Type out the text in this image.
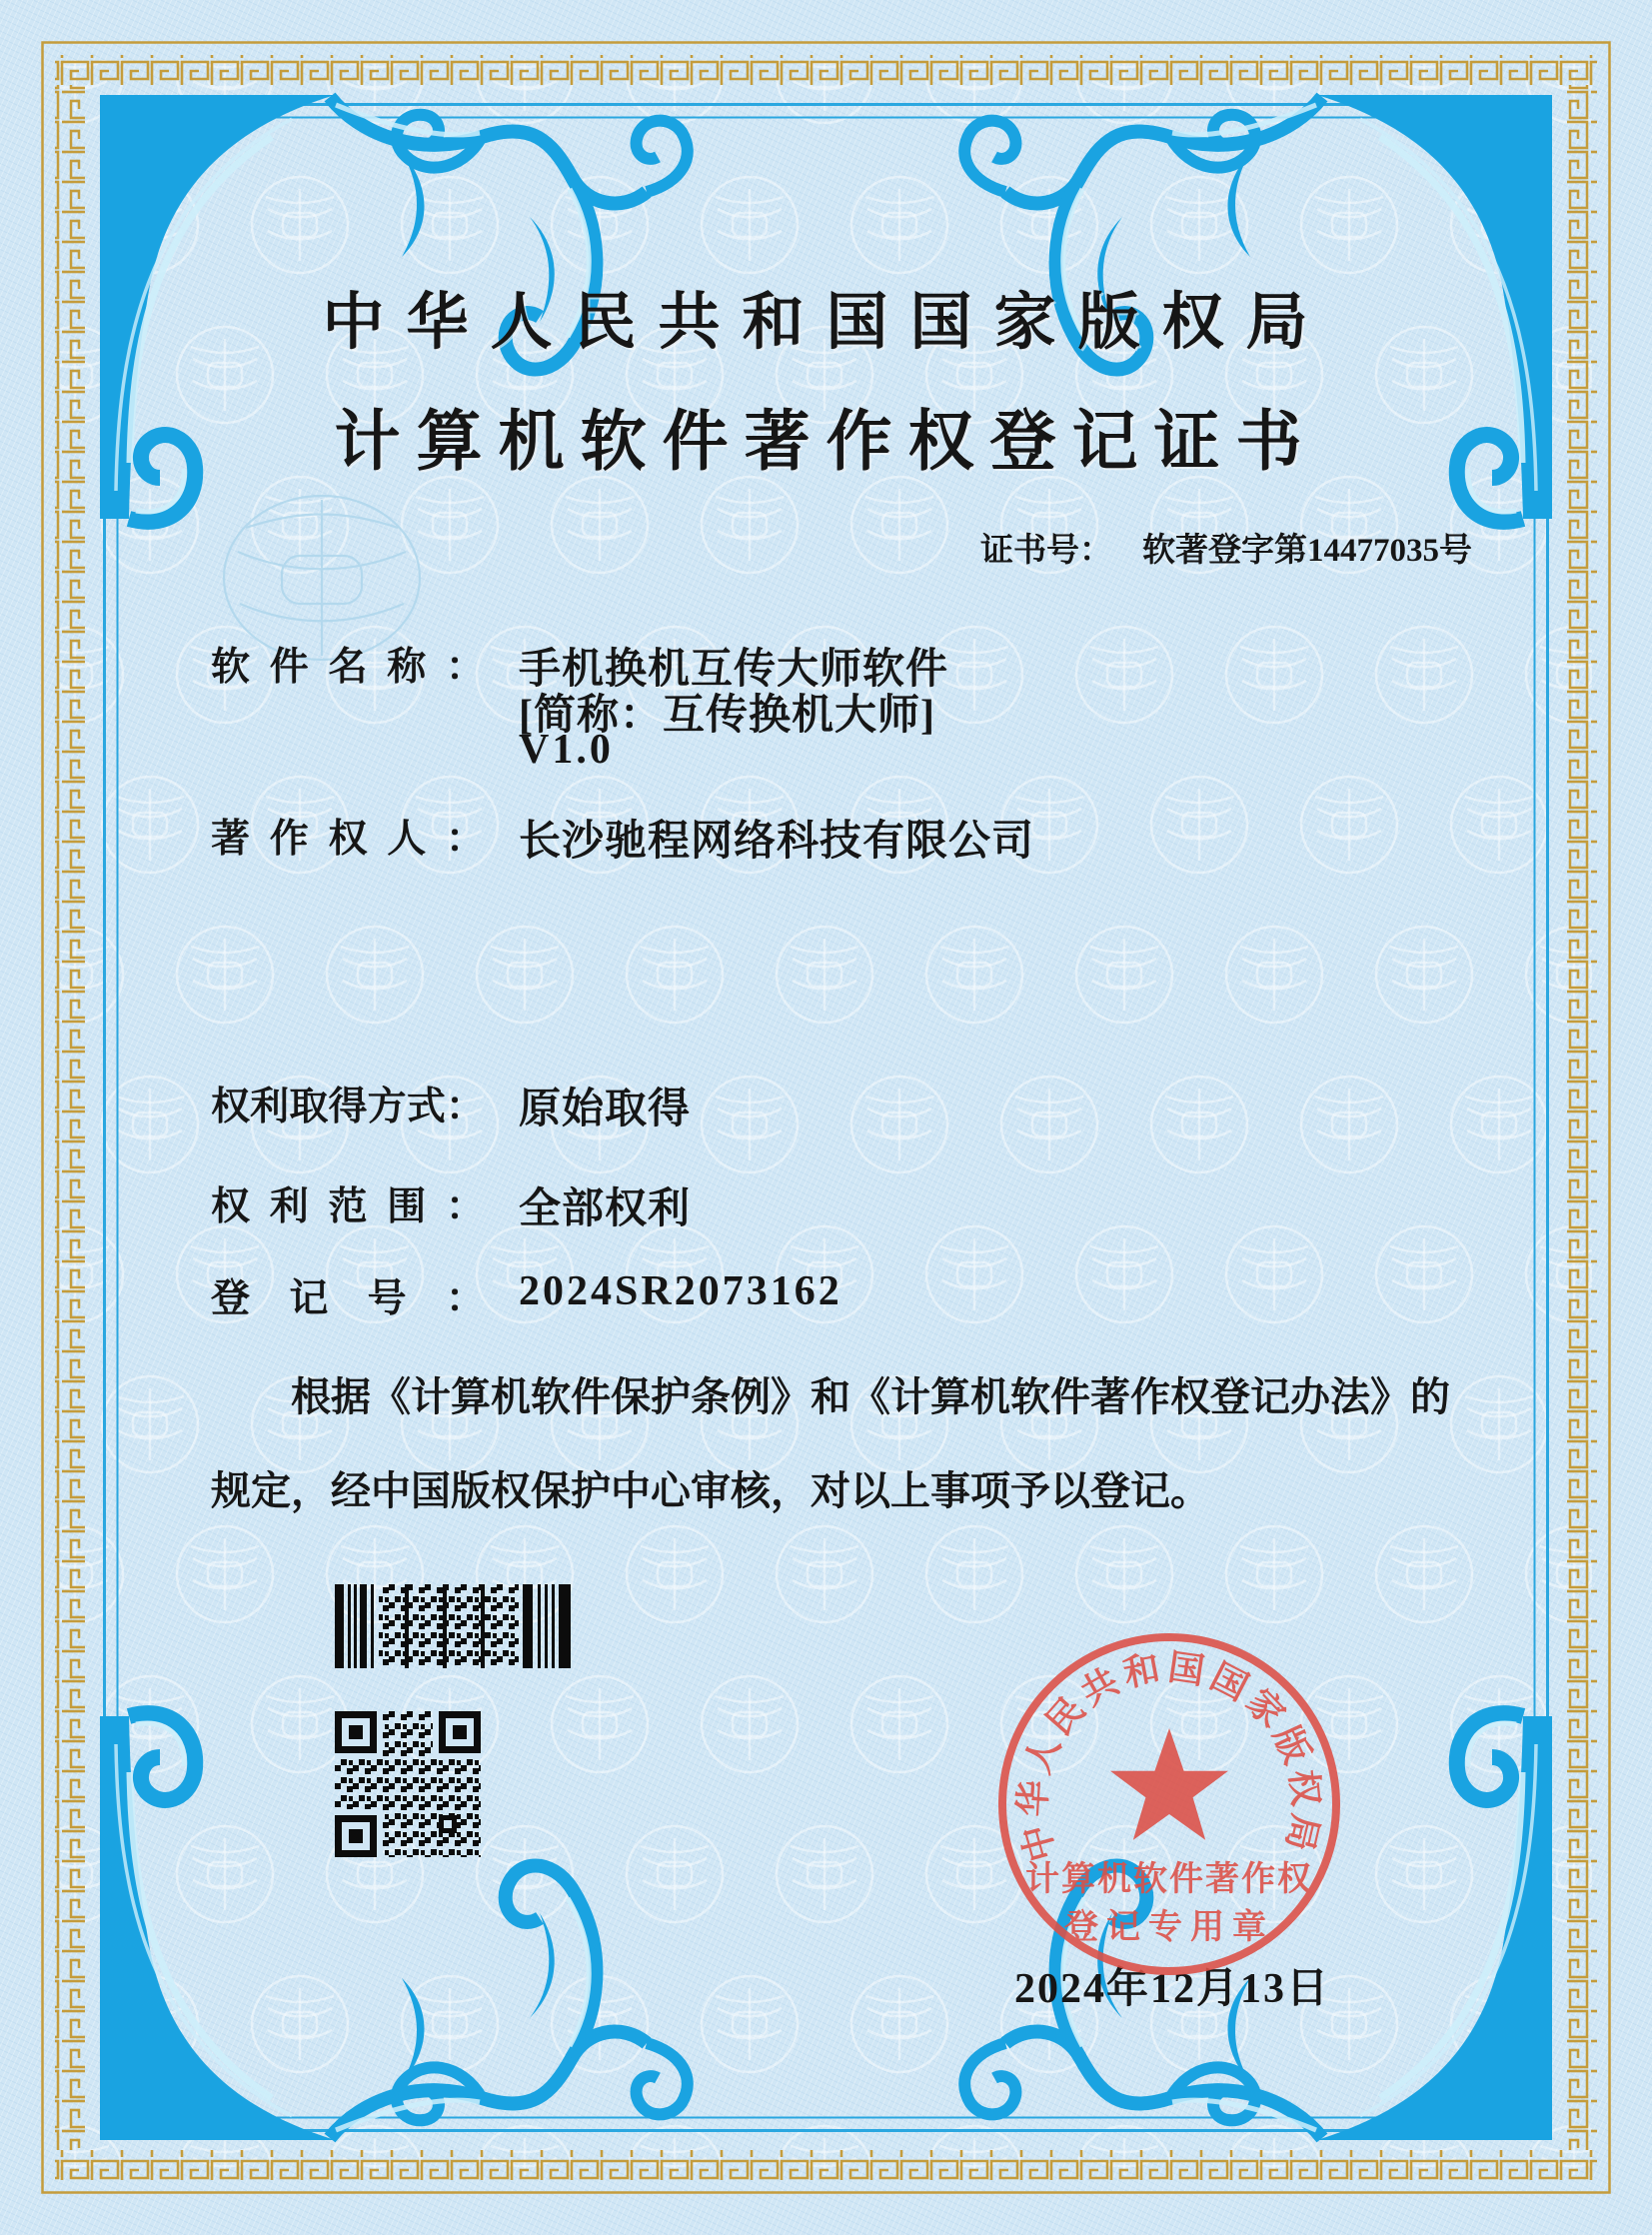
中华人民共和国国家版权局
计算机软件著作权登记证书
证书号： 软著登字第14477035号
软件名称： 手机换机互传大师软件
[简称：互传换机大师]
V1.0
著作权人： 长沙驰程网络科技有限公司
权利取得方式： 原始取得
权利范围： 全部权利
登记号： 2024SR2073162
根据《计算机软件保护条例》和《计算机软件著作权登记办法》的
规定，经中国版权保护中心审核，对以上事项予以登记。
2024年12月13日
中华人民共和国国家版权局
计算机软件著作权
登记专用章
